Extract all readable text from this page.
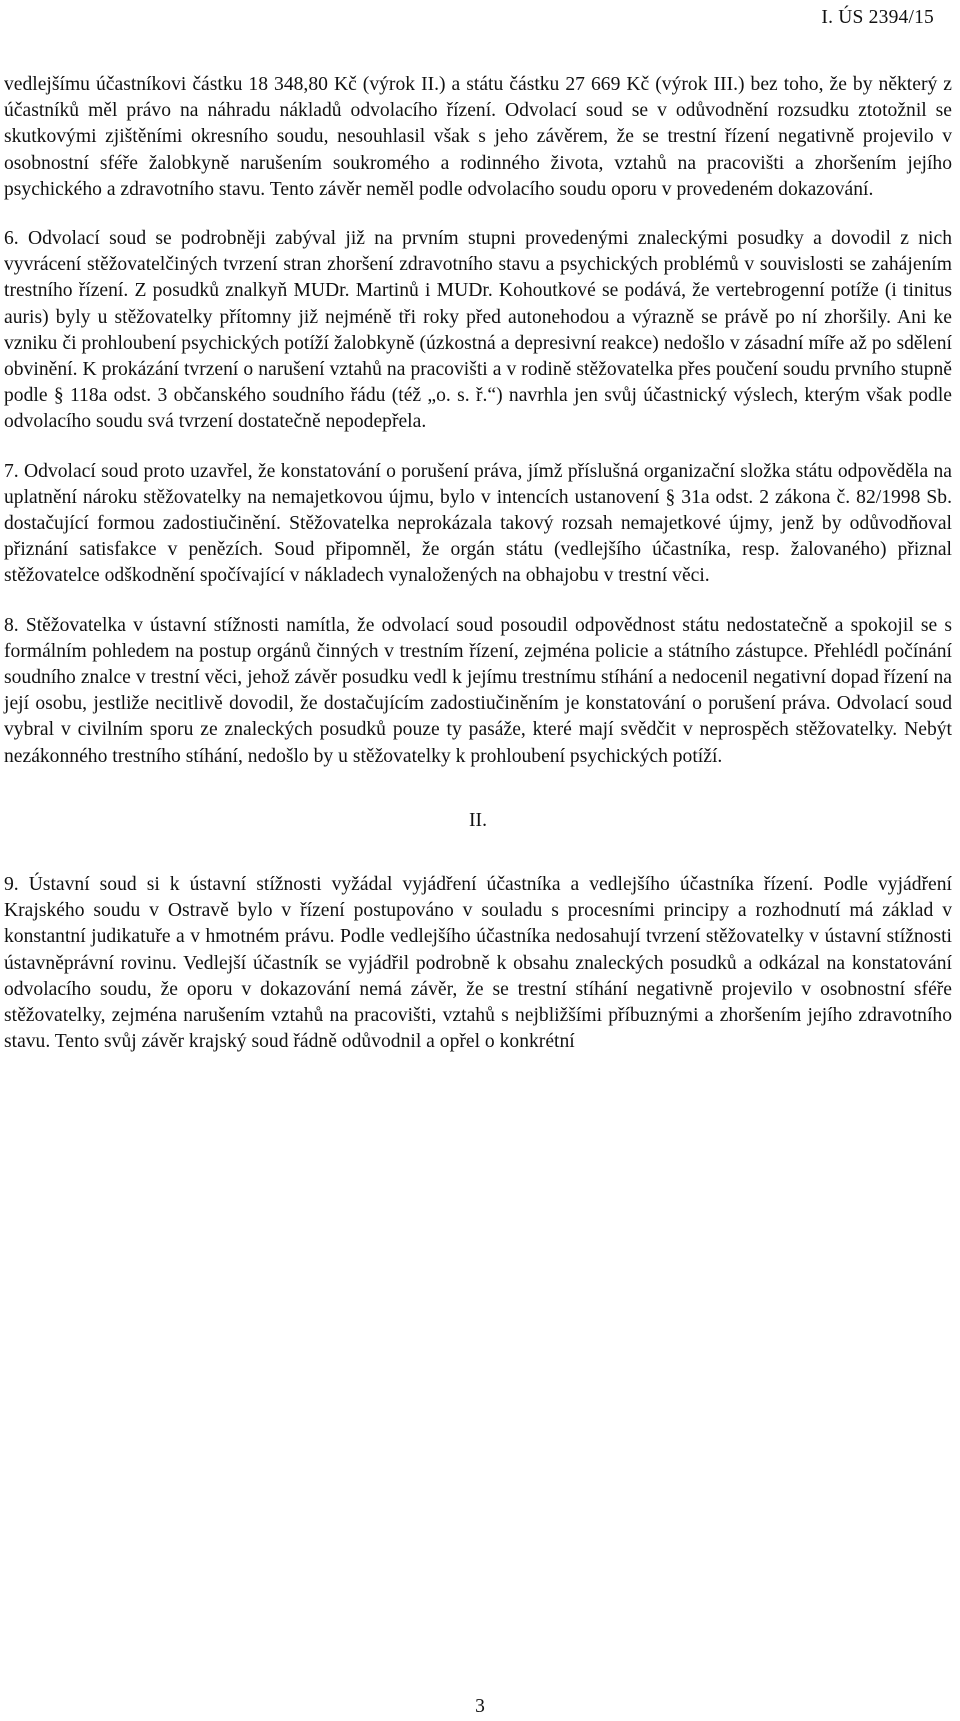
I. ÚS 2394/15

vedlejšímu účastníkovi částku 18 348,80 Kč (výrok II.) a státu částku 27 669 Kč (výrok III.) bez toho, že by některý z účastníků měl právo na náhradu nákladů odvolacího řízení. Odvolací soud se v odůvodnění rozsudku ztotožnil se skutkovými zjištěními okresního soudu, nesouhlasil však s jeho závěrem, že se trestní řízení negativně projevilo v osobnostní sféře žalobkyně narušením soukromého a rodinného života, vztahů na pracovišti a zhoršením jejího psychického a zdravotního stavu. Tento závěr neměl podle odvolacího soudu oporu v provedeném dokazování.

6. Odvolací soud se podrobněji zabýval již na prvním stupni provedenými znaleckými posudky a dovodil z nich vyvrácení stěžovatelčiných tvrzení stran zhoršení zdravotního stavu a psychických problémů v souvislosti se zahájením trestního řízení. Z posudků znalkyň MUDr. Martinů i MUDr. Kohoutkové se podává, že vertebrogenní potíže (i tinitus auris) byly u stěžovatelky přítomny již nejméně tři roky před autonehodou a výrazně se právě po ní zhoršily. Ani ke vzniku či prohloubení psychických potíží žalobkyně (úzkostná a depresivní reakce) nedošlo v zásadní míře až po sdělení obvinění. K prokázání tvrzení o narušení vztahů na pracovišti a v rodině stěžovatelka přes poučení soudu prvního stupně podle § 118a odst. 3 občanského soudního řádu (též „o. s. ř.“) navrhla jen svůj účastnický výslech, kterým však podle odvolacího soudu svá tvrzení dostatečně nepodepřela.

7. Odvolací soud proto uzavřel, že konstatování o porušení práva, jímž příslušná organizační složka státu odpověděla na uplatnění nároku stěžovatelky na nemajetkovou újmu, bylo v intencích ustanovení § 31a odst. 2 zákona č. 82/1998 Sb. dostačující formou zadostiučinění. Stěžovatelka neprokázala takový rozsah nemajetkové újmy, jenž by odůvodňoval přiznání satisfakce v penězích. Soud připomněl, že orgán státu (vedlejšího účastníka, resp. žalovaného) přiznal stěžovatelce odškodnění spočívající v nákladech vynaložených na obhajobu v trestní věci.

8. Stěžovatelka v ústavní stížnosti namítla, že odvolací soud posoudil odpovědnost státu nedostatečně a spokojil se s formálním pohledem na postup orgánů činných v trestním řízení, zejména policie a státního zástupce. Přehlédl počínání soudního znalce v trestní věci, jehož závěr posudku vedl k jejímu trestnímu stíhání a nedocenil negativní dopad řízení na její osobu, jestliže necitlivě dovodil, že dostačujícím zadostiučiněním je konstatování o porušení práva. Odvolací soud vybral v civilním sporu ze znaleckých posudků pouze ty pasáže, které mají svědčit v neprospěch stěžovatelky. Nebýt nezákonného trestního stíhání, nedošlo by u stěžovatelky k prohloubení psychických potíží.

II.

9. Ústavní soud si k ústavní stížnosti vyžádal vyjádření účastníka a vedlejšího účastníka řízení. Podle vyjádření Krajského soudu v Ostravě bylo v řízení postupováno v souladu s procesními principy a rozhodnutí má základ v konstantní judikatuře a v hmotném právu. Podle vedlejšího účastníka nedosahují tvrzení stěžovatelky v ústavní stížnosti ústavněprávní rovinu. Vedlejší účastník se vyjádřil podrobně k obsahu znaleckých posudků a odkázal na konstatování odvolacího soudu, že oporu v dokazování nemá závěr, že se trestní stíhání negativně projevilo v osobnostní sféře stěžovatelky, zejména narušením vztahů na pracovišti, vztahů s nejbližšími příbuznými a zhoršením jejího zdravotního stavu. Tento svůj závěr krajský soud řádně odůvodnil a opřel o konkrétní

3
